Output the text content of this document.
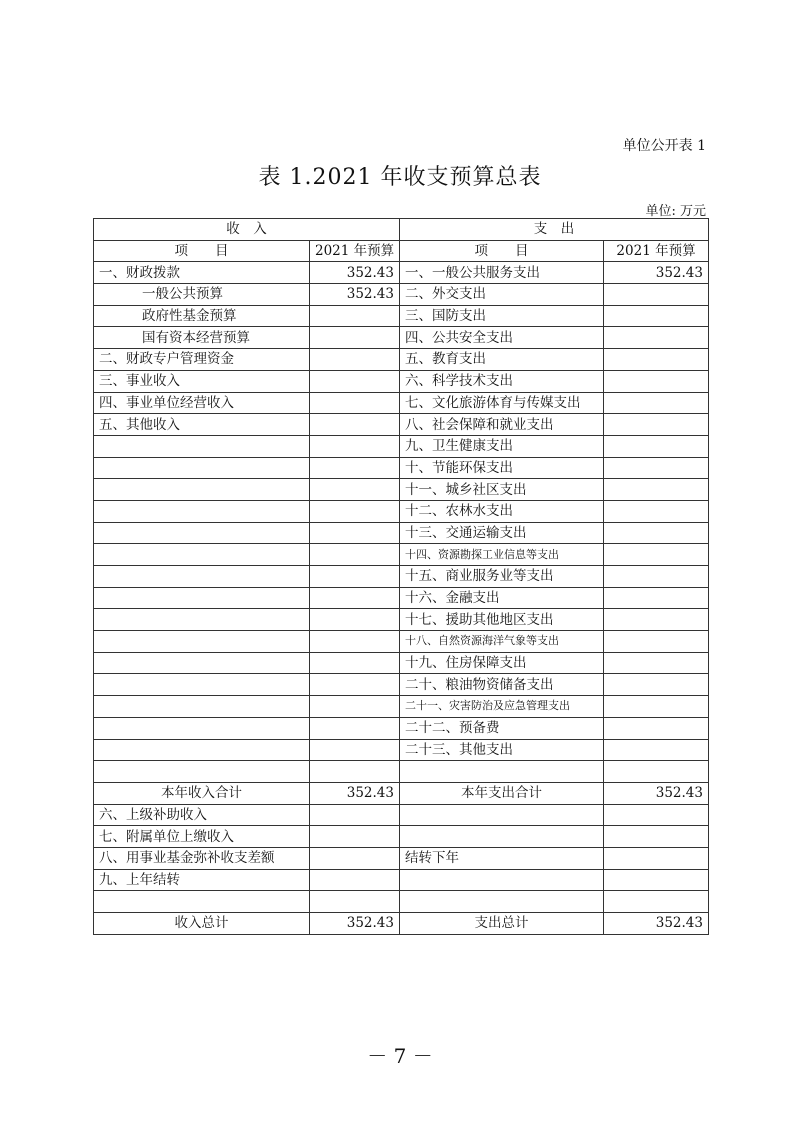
单位公开表 1
表 1.2021 年收支预算总表
单位: 万元
收　入		支　出	
项　　目	2021 年预算	项　　目	2021 年预算
一、财政拨款	352.43	一、一般公共服务支出	352.43
一般公共预算	352.43	二、外交支出	
政府性基金预算		三、国防支出	
国有资本经营预算		四、公共安全支出	
二、财政专户管理资金		五、教育支出	
三、事业收入		六、科学技术支出	
四、事业单位经营收入		七、文化旅游体育与传媒支出	
五、其他收入		八、社会保障和就业支出	
		九、卫生健康支出	
		十、节能环保支出	
		十一、城乡社区支出	
		十二、农林水支出	
		十三、交通运输支出	
		十四、资源勘探工业信息等支出	
		十五、商业服务业等支出	
		十六、金融支出	
		十七、援助其他地区支出	
		十八、自然资源海洋气象等支出	
		十九、住房保障支出	
		二十、粮油物资储备支出	
		二十一、灾害防治及应急管理支出	
		二十二、预备费	
		二十三、其他支出	

本年收入合计	352.43	本年支出合计	352.43
六、上级补助收入			
七、附属单位上缴收入			
八、用事业基金弥补收支差额		结转下年	
九、上年结转			

收入总计	352.43	支出总计	352.43
－ 7 －
